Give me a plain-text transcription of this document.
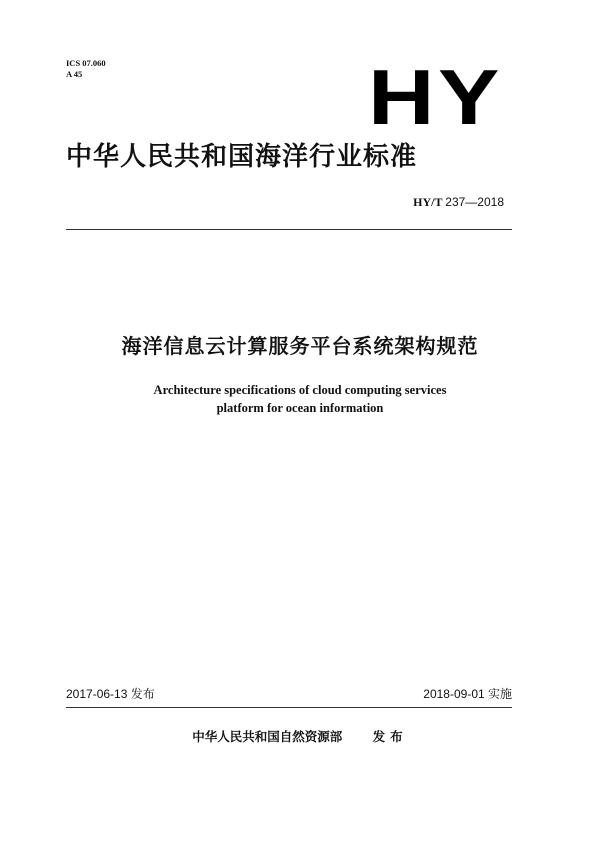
ICS 07.060
A 45	HY
中华人民共和国海洋行业标准
HY/T 237—2018
海洋信息云计算服务平台系统架构规范
Architecture specifications of cloud computing services
platform for ocean information
2017-06-13 发布	2018-09-01 实施
中华人民共和国自然资源部 发布
